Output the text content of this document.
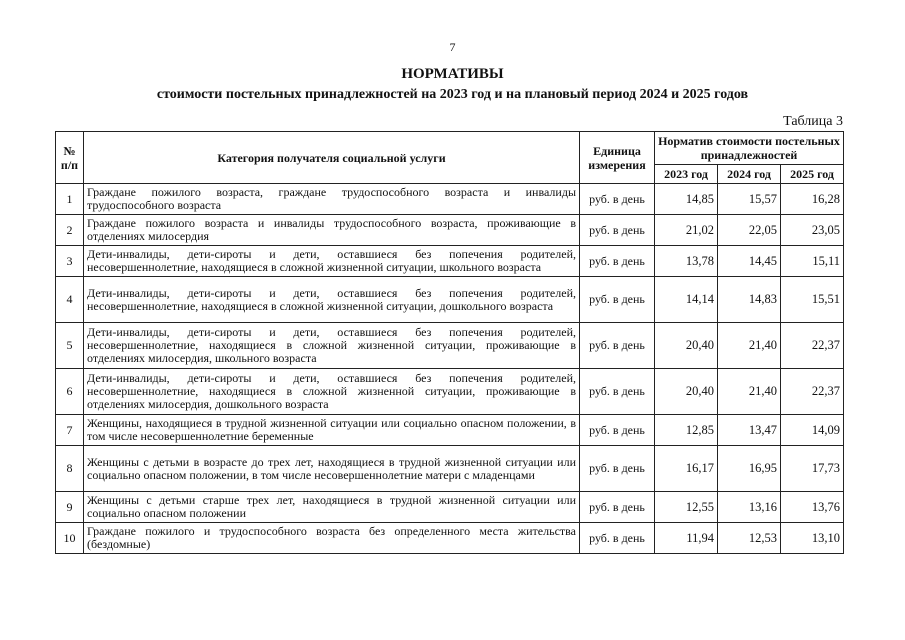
7
НОРМАТИВЫ
стоимости постельных принадлежностей на 2023 год и на плановый период 2024 и 2025 годов
Таблица 3
№ п/п	Категория получателя социальной услуги	Единица измерения	Норматив стоимости постельных принадлежностей		
			2023 год	2024 год	2025 год
1	Граждане пожилого возраста, граждане трудоспособного возраста и инвалиды трудоспособного возраста	руб. в день	14,85	15,57	16,28
2	Граждане пожилого возраста и инвалиды трудоспособного возраста, проживающие в отделениях милосердия	руб. в день	21,02	22,05	23,05
3	Дети-инвалиды, дети-сироты и дети, оставшиеся без попечения родителей, несовершеннолетние, находящиеся в сложной жизненной ситуации, школьного возраста	руб. в день	13,78	14,45	15,11
4	Дети-инвалиды, дети-сироты и дети, оставшиеся без попечения родителей, несовершеннолетние, находящиеся в сложной жизненной ситуации, дошкольного возраста	руб. в день	14,14	14,83	15,51
5	Дети-инвалиды, дети-сироты и дети, оставшиеся без попечения родителей, несовершеннолетние, находящиеся в сложной жизненной ситуации, проживающие в отделениях милосердия, школьного возраста	руб. в день	20,40	21,40	22,37
6	Дети-инвалиды, дети-сироты и дети, оставшиеся без попечения родителей, несовершеннолетние, находящиеся в сложной жизненной ситуации, проживающие в отделениях милосердия, дошкольного возраста	руб. в день	20,40	21,40	22,37
7	Женщины, находящиеся в трудной жизненной ситуации или социально опасном положении, в том числе несовершеннолетние беременные	руб. в день	12,85	13,47	14,09
8	Женщины с детьми в возрасте до трех лет, находящиеся в трудной жизненной ситуации или социально опасном положении, в том числе несовершеннолетние матери с младенцами	руб. в день	16,17	16,95	17,73
9	Женщины с детьми старше трех лет, находящиеся в трудной жизненной ситуации или социально опасном положении	руб. в день	12,55	13,16	13,76
10	Граждане пожилого и трудоспособного возраста без определенного места жительства (бездомные)	руб. в день	11,94	12,53	13,10
